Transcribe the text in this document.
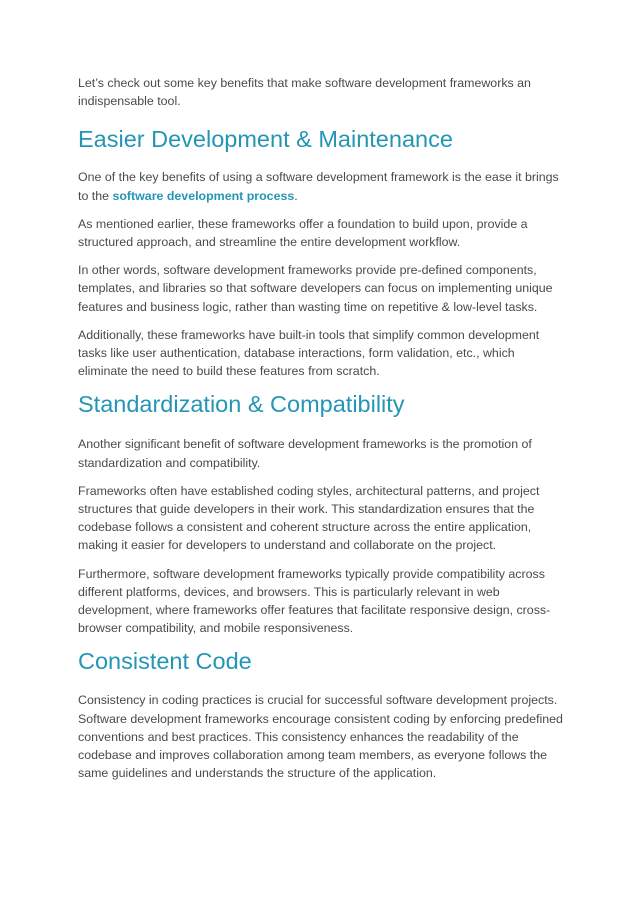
Let’s check out some key benefits that make software development frameworks an indispensable tool.

Easier Development & Maintenance

One of the key benefits of using a software development framework is the ease it brings to the software development process.

As mentioned earlier, these frameworks offer a foundation to build upon, provide a structured approach, and streamline the entire development workflow.

In other words, software development frameworks provide pre-defined components, templates, and libraries so that software developers can focus on implementing unique features and business logic, rather than wasting time on repetitive & low-level tasks.

Additionally, these frameworks have built-in tools that simplify common development tasks like user authentication, database interactions, form validation, etc., which eliminate the need to build these features from scratch.

Standardization & Compatibility

Another significant benefit of software development frameworks is the promotion of standardization and compatibility.

Frameworks often have established coding styles, architectural patterns, and project structures that guide developers in their work. This standardization ensures that the codebase follows a consistent and coherent structure across the entire application, making it easier for developers to understand and collaborate on the project.

Furthermore, software development frameworks typically provide compatibility across different platforms, devices, and browsers. This is particularly relevant in web development, where frameworks offer features that facilitate responsive design, cross-browser compatibility, and mobile responsiveness.

Consistent Code

Consistency in coding practices is crucial for successful software development projects. Software development frameworks encourage consistent coding by enforcing predefined conventions and best practices. This consistency enhances the readability of the codebase and improves collaboration among team members, as everyone follows the same guidelines and understands the structure of the application.
